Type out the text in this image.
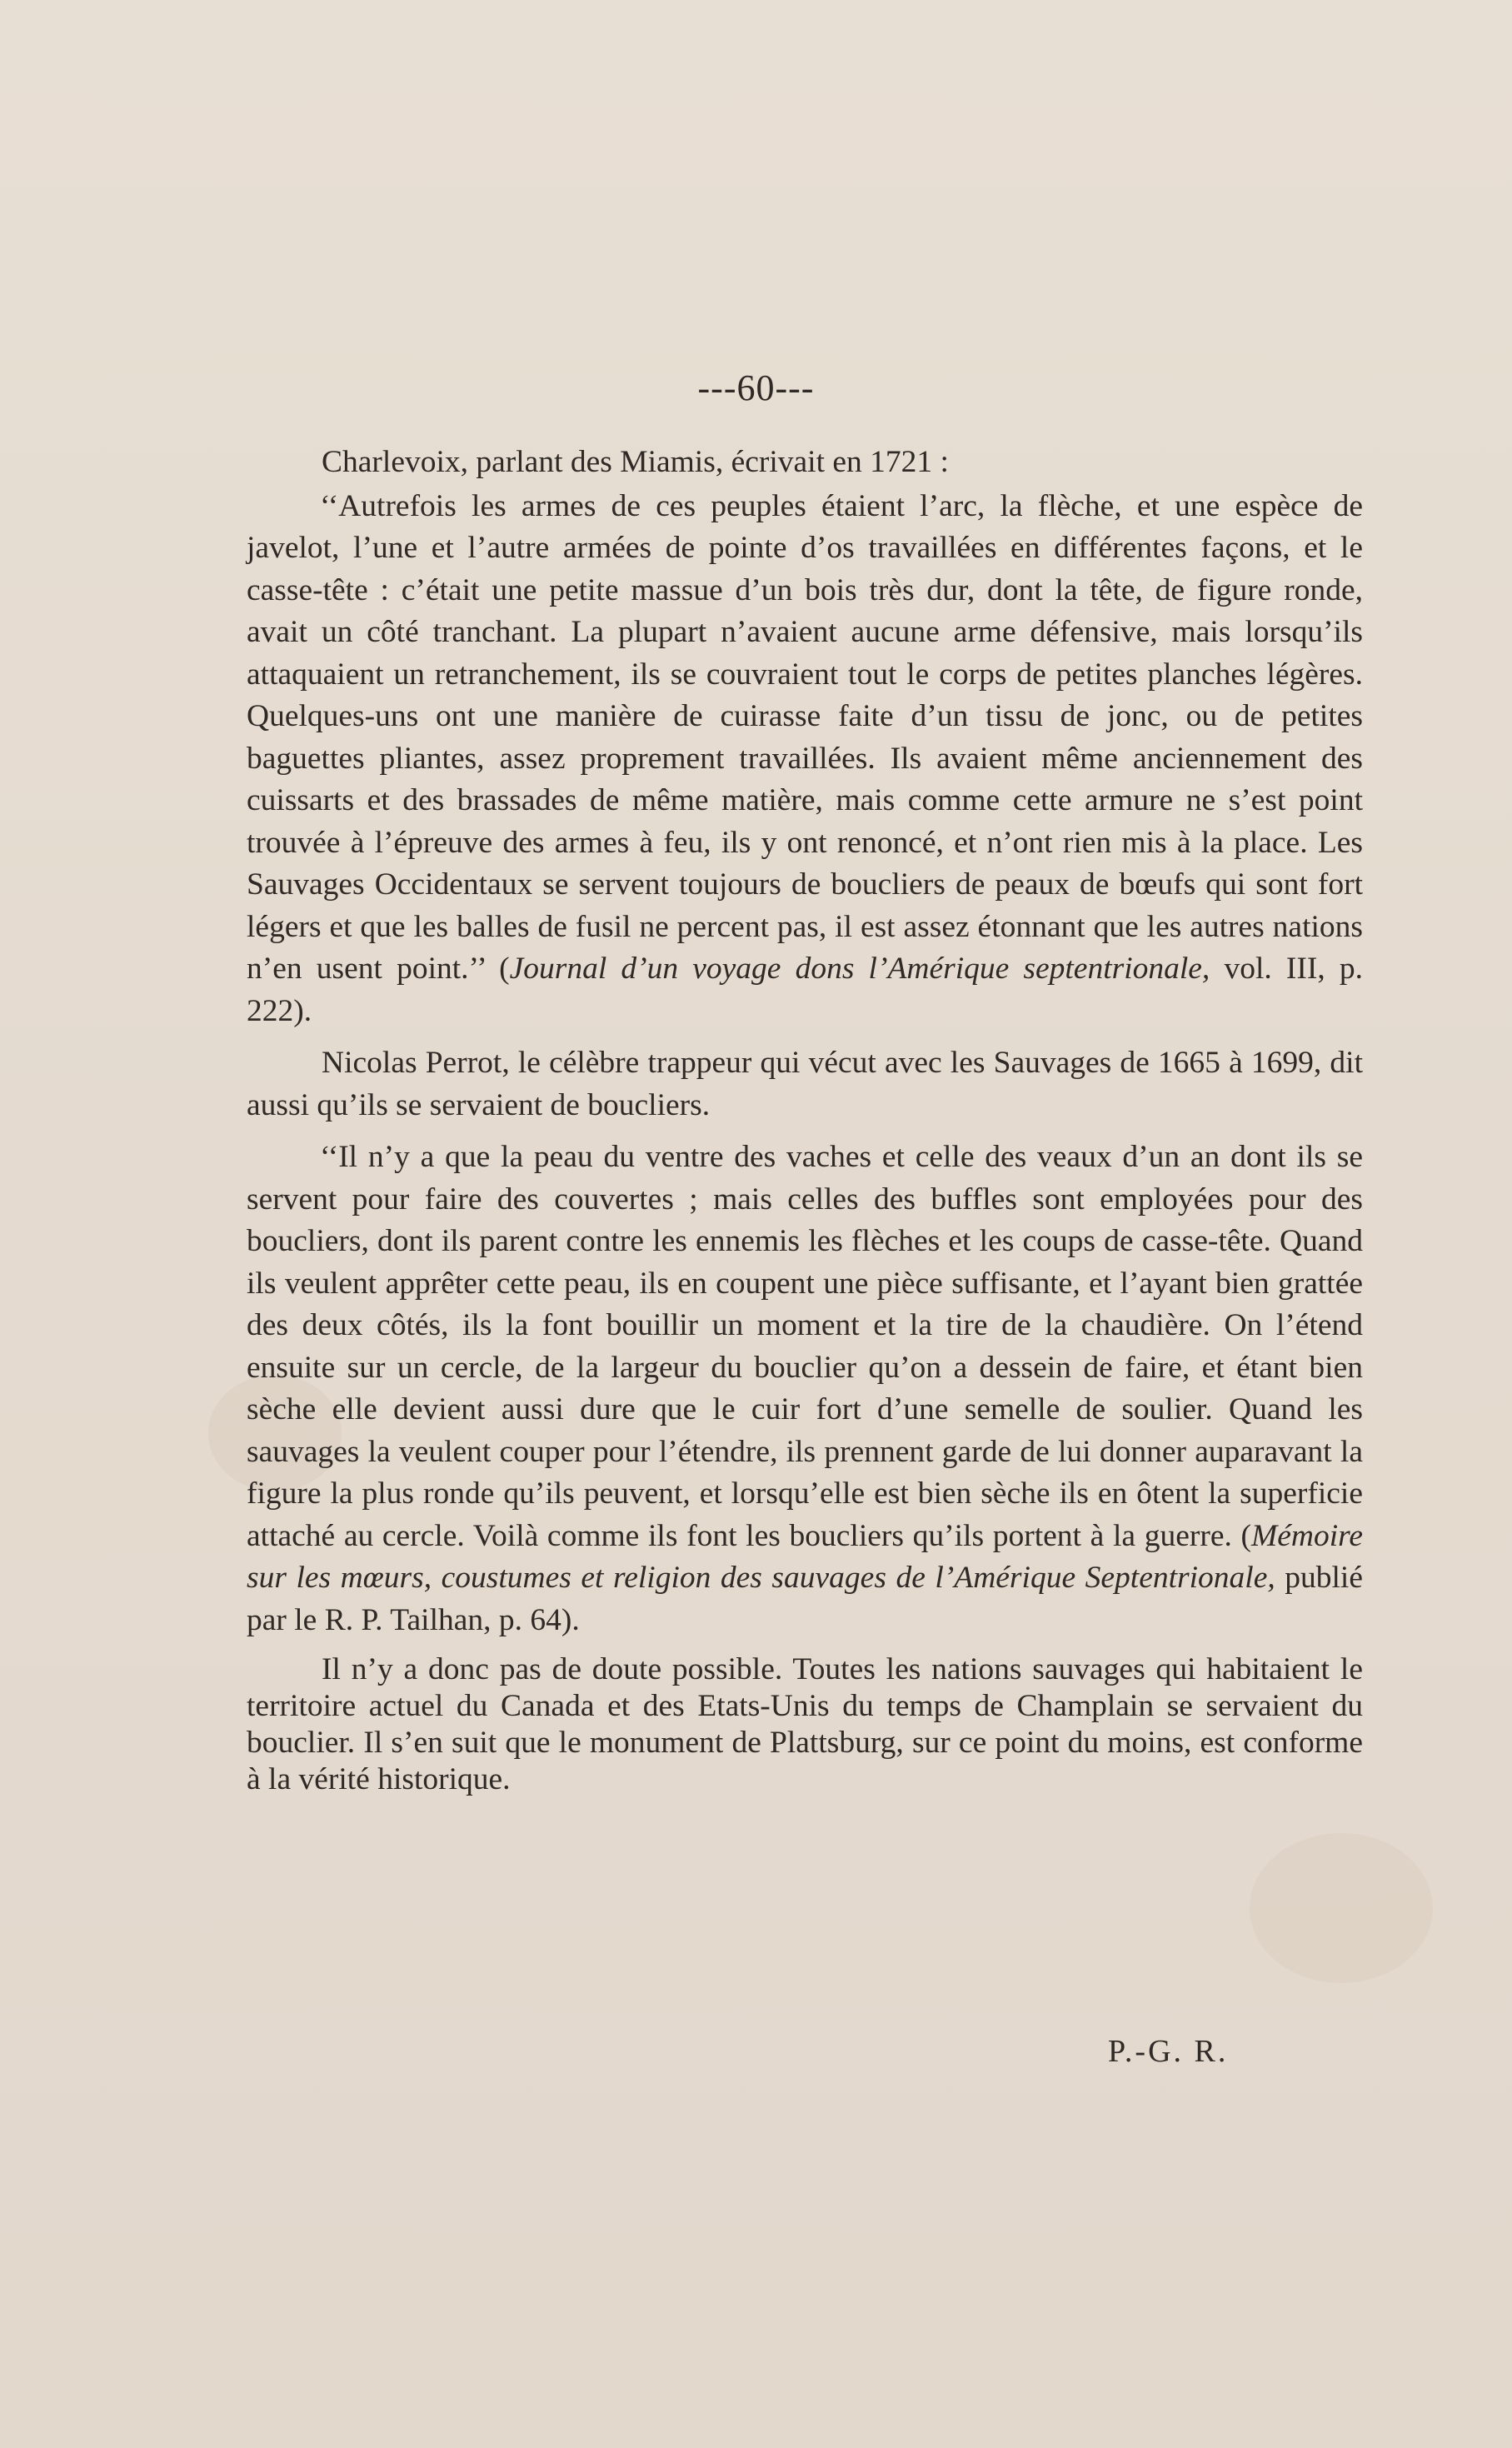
---60---

Charlevoix, parlant des Miamis, écrivait en 1721 :

‘‘Autrefois les armes de ces peuples étaient l’arc, la flèche, et une espèce de javelot, l’une et l’autre armées de pointe d’os travaillées en différentes façons, et le casse-tête : c’était une petite massue d’un bois très dur, dont la tête, de figure ronde, avait un côté tranchant. La plupart n’avaient aucune arme défensive, mais lorsqu’ils attaquaient un retranchement, ils se couvraient tout le corps de petites planches légères. Quelques-uns ont une manière de cuirasse faite d’un tissu de jonc, ou de petites baguettes pliantes, assez proprement travaillées. Ils avaient même anciennement des cuissarts et des brassades de même matière, mais comme cette armure ne s’est point trouvée à l’épreuve des armes à feu, ils y ont renoncé, et n’ont rien mis à la place. Les Sauvages Occidentaux se servent toujours de boucliers de peaux de bœufs qui sont fort légers et que les balles de fusil ne percent pas, il est assez étonnant que les autres nations n’en usent point.’’ (Journal d’un voyage dons l’Amérique septentrionale, vol. III, p. 222).

Nicolas Perrot, le célèbre trappeur qui vécut avec les Sauvages de 1665 à 1699, dit aussi qu’ils se servaient de boucliers.

‘‘Il n’y a que la peau du ventre des vaches et celle des veaux d’un an dont ils se servent pour faire des couvertes ; mais celles des buffles sont employées pour des boucliers, dont ils parent contre les ennemis les flèches et les coups de casse-tête. Quand ils veulent apprêter cette peau, ils en coupent une pièce suffisante, et l’ayant bien grattée des deux côtés, ils la font bouillir un moment et la tire de la chaudière. On l’étend ensuite sur un cercle, de la largeur du bouclier qu’on a dessein de faire, et étant bien sèche elle devient aussi dure que le cuir fort d’une semelle de soulier. Quand les sauvages la veulent couper pour l’étendre, ils prennent garde de lui donner auparavant la figure la plus ronde qu’ils peuvent, et lorsqu’elle est bien sèche ils en ôtent la superficie attaché au cercle. Voilà comme ils font les boucliers qu’ils portent à la guerre. (Mémoire sur les mœurs, coustumes et religion des sauvages de l’Amérique Septentrionale, publié par le R. P. Tailhan, p. 64).

Il n’y a donc pas de doute possible. Toutes les nations sauvages qui habitaient le territoire actuel du Canada et des Etats-Unis du temps de Champlain se servaient du bouclier. Il s’en suit que le monument de Plattsburg, sur ce point du moins, est conforme à la vérité historique.

P.-G. R.
